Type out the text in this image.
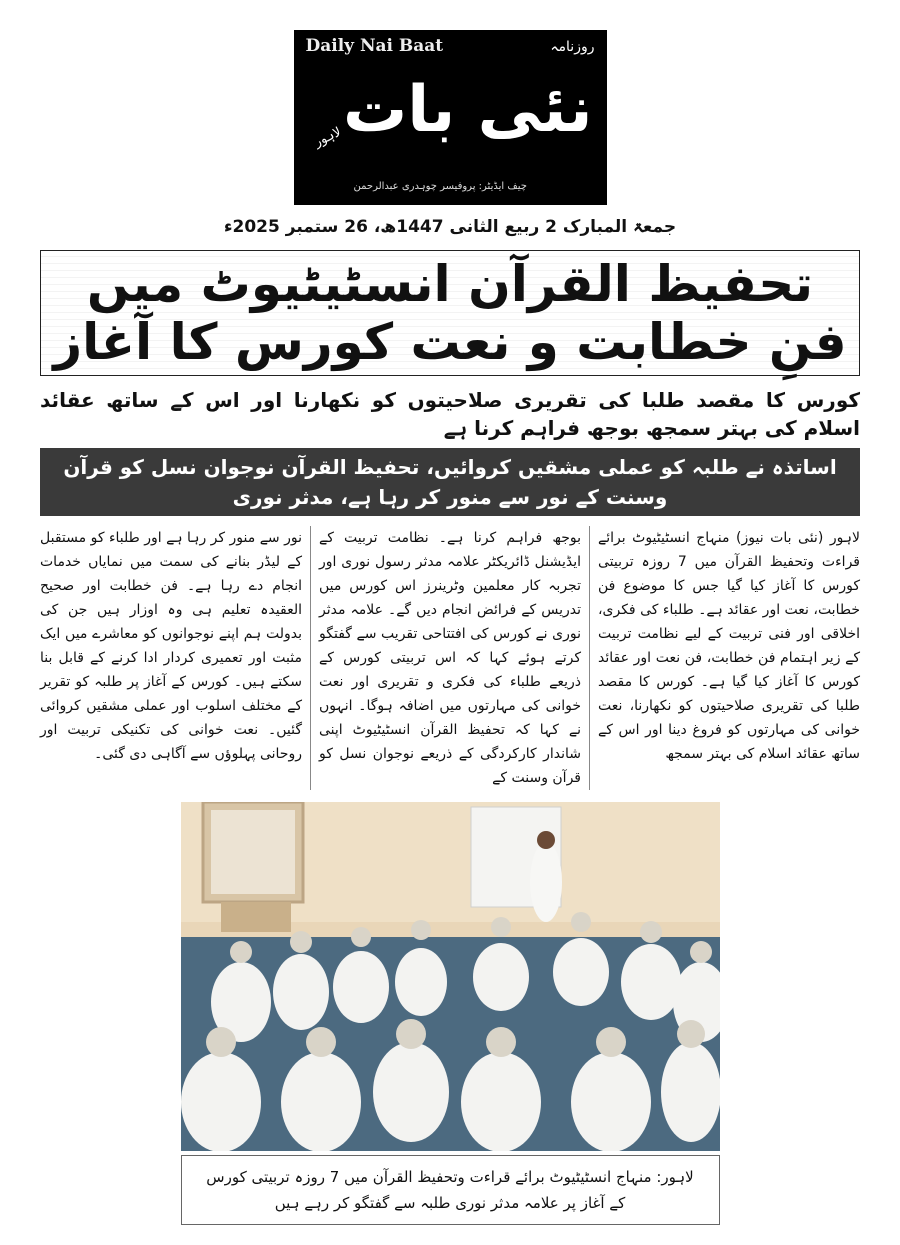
Daily Nai Baat	روزنامہ
نئی بات
لاہور
چیف ایڈیٹر: پروفیسر چوہدری عبدالرحمن
جمعۃ المبارک 2 ربیع الثانی 1447ھ، 26 ستمبر 2025ء
تحفیظ القرآن انسٹیٹیوٹ میں فنِ خطابت و نعت کورس کا آغاز
کورس کا مقصد طلبا کی تقریری صلاحیتوں کو نکھارنا اور اس کے ساتھ عقائد اسلام کی بہتر سمجھ بوجھ فراہم کرنا ہے
اساتذہ نے طلبہ کو عملی مشقیں کروائیں، تحفیظ القرآن نوجوان نسل کو قرآن وسنت کے نور سے منور کر رہا ہے، مدثر نوری
لاہور (نئی بات نیوز) منہاج انسٹیٹیوٹ برائے قراءت وتحفیظ القرآن میں 7 روزہ تربیتی کورس کا آغاز کیا گیا جس کا موضوع فن خطابت، نعت اور عقائد ہے۔ طلباء کی فکری، اخلاقی اور فنی تربیت کے لیے نظامت تربیت کے زیر اہتمام فن خطابت، فن نعت اور عقائد کورس کا آغاز کیا گیا ہے۔ کورس کا مقصد طلبا کی تقریری صلاحیتوں کو نکھارنا، نعت خوانی کی مہارتوں کو فروغ دینا اور اس کے ساتھ عقائد اسلام کی بہتر سمجھ
بوجھ فراہم کرنا ہے۔ نظامت تربیت کے ایڈیشنل ڈائریکٹر علامہ مدثر رسول نوری اور تجربہ کار معلمین وٹرینرز اس کورس میں تدریس کے فرائض انجام دیں گے۔ علامہ مدثر نوری نے کورس کی افتتاحی تقریب سے گفتگو کرتے ہوئے کہا کہ اس تربیتی کورس کے ذریعے طلباء کی فکری و تقریری اور نعت خوانی کی مہارتوں میں اضافہ ہوگا۔ انہوں نے کہا کہ تحفیظ القرآن انسٹیٹیوٹ اپنی شاندار کارکردگی کے ذریعے نوجوان نسل کو قرآن وسنت کے
نور سے منور کر رہا ہے اور طلباء کو مستقبل کے لیڈر بنانے کی سمت میں نمایاں خدمات انجام دے رہا ہے۔ فن خطابت اور صحیح العقیدہ تعلیم ہی وہ اوزار ہیں جن کی بدولت ہم اپنے نوجوانوں کو معاشرے میں ایک مثبت اور تعمیری کردار ادا کرنے کے قابل بنا سکتے ہیں۔ کورس کے آغاز پر طلبہ کو تقریر کے مختلف اسلوب اور عملی مشقیں کروائی گئیں۔ نعت خوانی کی تکنیکی تربیت اور روحانی پہلوؤں سے آگاہی دی گئی۔
لاہور: منہاج انسٹیٹیوٹ برائے قراءت وتحفیظ القرآن میں 7 روزہ تربیتی کورس کے آغاز پر علامہ مدثر نوری طلبہ سے گفتگو کر رہے ہیں
